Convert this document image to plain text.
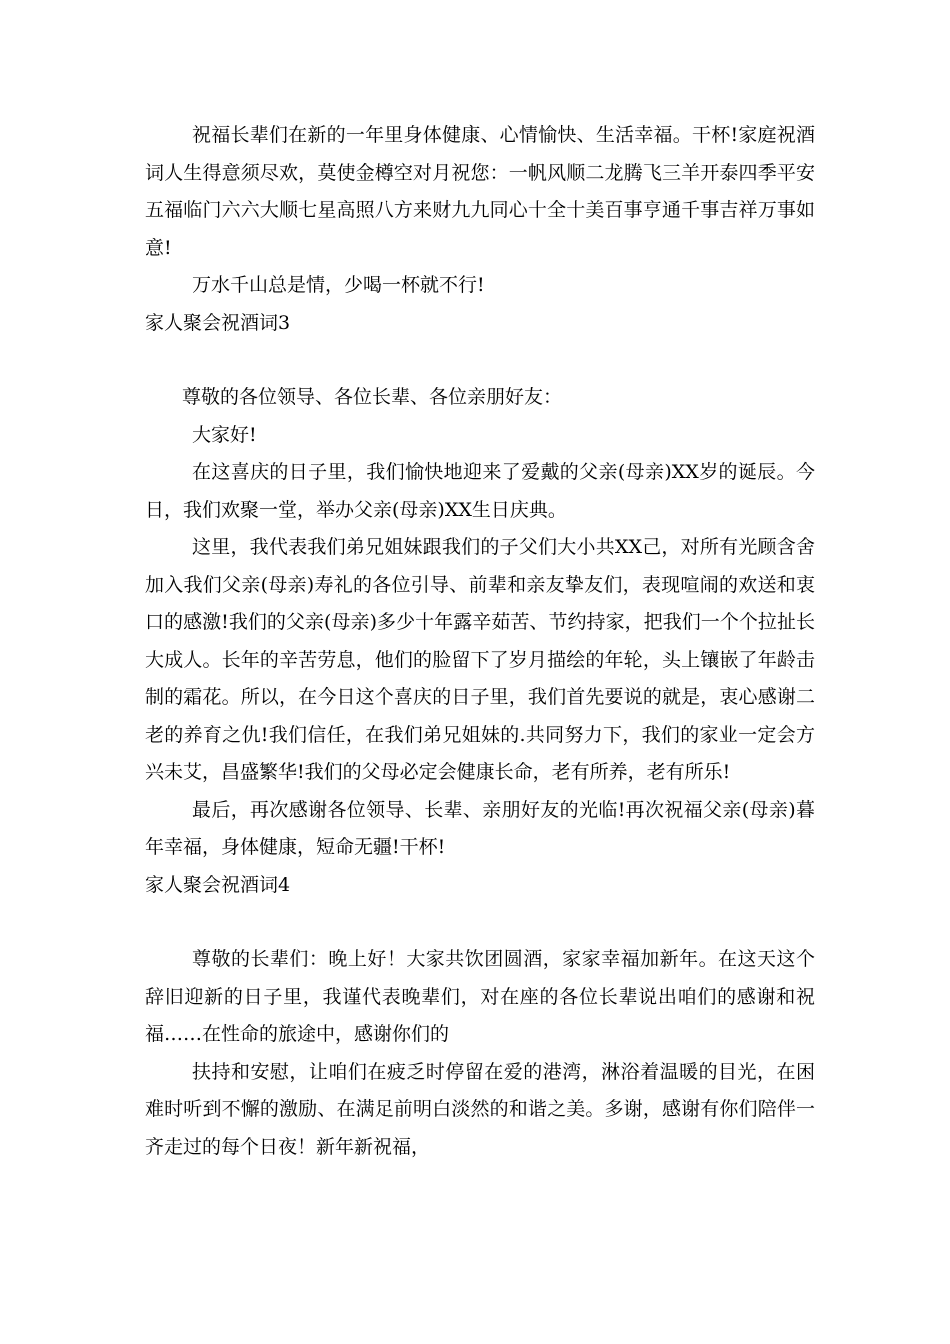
祝福长辈们在新的一年里身体健康、心情愉快、生活幸福。干杯!家庭祝酒词人生得意须尽欢，莫使金樽空对月祝您：一帆风顺二龙腾飞三羊开泰四季平安五福临门六六大顺七星高照八方来财九九同心十全十美百事亨通千事吉祥万事如意!

万水千山总是情，少喝一杯就不行!

家人聚会祝酒词3

尊敬的各位领导、各位长辈、各位亲朋好友：

大家好!

在这喜庆的日子里，我们愉快地迎来了爱戴的父亲(母亲)XX岁的诞辰。今日，我们欢聚一堂，举办父亲(母亲)XX生日庆典。

这里，我代表我们弟兄姐妹跟我们的子父们大小共XX己，对所有光顾含舍加入我们父亲(母亲)寿礼的各位引导、前辈和亲友挚友们，表现喧闹的欢送和衷口的感激!我们的父亲(母亲)多少十年露辛茹苦、节约持家，把我们一个个拉扯长大成人。长年的辛苦劳息，他们的脸留下了岁月描绘的年轮，头上镶嵌了年龄击制的霜花。所以，在今日这个喜庆的日子里，我们首先要说的就是，衷心感谢二老的养育之仇!我们信任，在我们弟兄姐妹的.共同努力下，我们的家业一定会方兴未艾，昌盛繁华!我们的父母必定会健康长命，老有所养，老有所乐!

最后，再次感谢各位领导、长辈、亲朋好友的光临!再次祝福父亲(母亲)暮年幸福，身体健康，短命无疆!干杯!

家人聚会祝酒词4

尊敬的长辈们：晚上好！大家共饮团圆酒，家家幸福加新年。在这天这个辞旧迎新的日子里，我谨代表晚辈们，对在座的各位长辈说出咱们的感谢和祝福……在性命的旅途中，感谢你们的

扶持和安慰，让咱们在疲乏时停留在爱的港湾，淋浴着温暖的目光，在困难时听到不懈的激励、在满足前明白淡然的和谐之美。多谢，感谢有你们陪伴一齐走过的每个日夜！新年新祝福，
